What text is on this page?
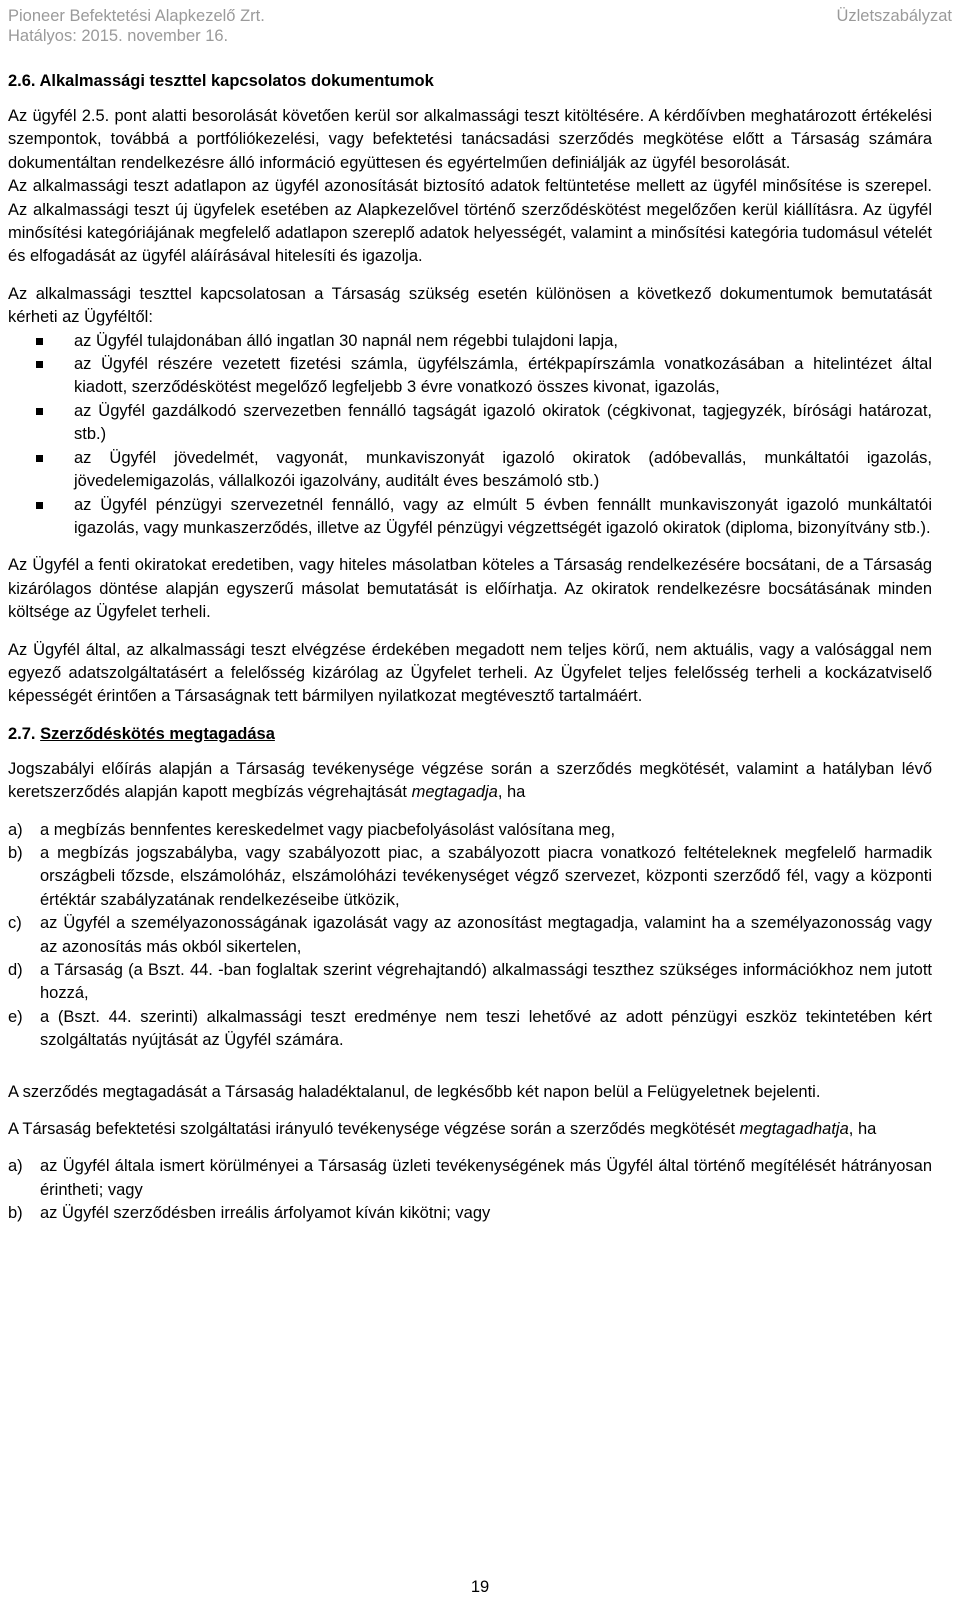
Pioneer Befektetési Alapkezelő Zrt.
Hatályos: 2015. november 16.
Üzletszabályzat
2.6. Alkalmassági teszttel kapcsolatos dokumentumok

Az ügyfél 2.5. pont alatti besorolását követően kerül sor alkalmassági teszt kitöltésére. A kérdőívben meghatározott értékelési szempontok, továbbá a portfóliókezelési, vagy befektetési tanácsadási szerződés megkötése előtt a Társaság számára dokumentáltan rendelkezésre álló információ együttesen és egyértelműen definiálják az ügyfél besorolását.

Az alkalmassági teszt adatlapon az ügyfél azonosítását biztosító adatok feltüntetése mellett az ügyfél minősítése is szerepel. Az alkalmassági teszt új ügyfelek esetében az Alapkezelővel történő szerződéskötést megelőzően kerül kiállításra. Az ügyfél minősítési kategóriájának megfelelő adatlapon szereplő adatok helyességét, valamint a minősítési kategória tudomásul vételét és elfogadását az ügyfél aláírásával hitelesíti és igazolja.

Az alkalmassági teszttel kapcsolatosan a Társaság szükség esetén különösen a következő dokumentumok bemutatását kérheti az Ügyféltől:

az Ügyfél tulajdonában álló ingatlan 30 napnál nem régebbi tulajdoni lapja,
az Ügyfél részére vezetett fizetési számla, ügyfélszámla, értékpapírszámla vonatkozásában a hitelintézet által kiadott, szerződéskötést megelőző legfeljebb 3 évre vonatkozó összes kivonat, igazolás,
az Ügyfél gazdálkodó szervezetben fennálló tagságát igazoló okiratok (cégkivonat, tagjegyzék, bírósági határozat, stb.)
az Ügyfél jövedelmét, vagyonát, munkaviszonyát igazoló okiratok (adóbevallás, munkáltatói igazolás, jövedelemigazolás, vállalkozói igazolvány, auditált éves beszámoló stb.)
az Ügyfél pénzügyi szervezetnél fennálló, vagy az elmúlt 5 évben fennállt munkaviszonyát igazoló munkáltatói igazolás, vagy munkaszerződés, illetve az Ügyfél pénzügyi végzettségét igazoló okiratok (diploma, bizonyítvány stb.).

Az Ügyfél a fenti okiratokat eredetiben, vagy hiteles másolatban köteles a Társaság rendelkezésére bocsátani, de a Társaság kizárólagos döntése alapján egyszerű másolat bemutatását is előírhatja. Az okiratok rendelkezésre bocsátásának minden költsége az Ügyfelet terheli.

Az Ügyfél által, az alkalmassági teszt elvégzése érdekében megadott nem teljes körű, nem aktuális, vagy a valósággal nem egyező adatszolgáltatásért a felelősség kizárólag az Ügyfelet terheli. Az Ügyfelet teljes felelősség terheli a kockázatviselő képességét érintően a Társaságnak tett bármilyen nyilatkozat megtévesztő tartalmáért.

2.7. Szerződéskötés megtagadása

Jogszabályi előírás alapján a Társaság tevékenysége végzése során a szerződés megkötését, valamint a hatályban lévő keretszerződés alapján kapott megbízás végrehajtását megtagadja, ha

a) a megbízás bennfentes kereskedelmet vagy piacbefolyásolást valósítana meg,
b) a megbízás jogszabályba, vagy szabályozott piac, a szabályozott piacra vonatkozó feltételeknek megfelelő harmadik országbeli tőzsde, elszámolóház, elszámolóházi tevékenységet végző szervezet, központi szerződő fél, vagy a központi értéktár szabályzatának rendelkezéseibe ütközik,
c) az Ügyfél a személyazonosságának igazolását vagy az azonosítást megtagadja, valamint ha a személyazonosság vagy az azonosítás más okból sikertelen,
d) a Társaság (a Bszt. 44. -ban foglaltak szerint végrehajtandó) alkalmassági teszthez szükséges információkhoz nem jutott hozzá,
e) a (Bszt. 44. szerinti) alkalmassági teszt eredménye nem teszi lehetővé az adott pénzügyi eszköz tekintetében kért szolgáltatás nyújtását az Ügyfél számára.

A szerződés megtagadását a Társaság haladéktalanul, de legkésőbb két napon belül a Felügyeletnek bejelenti.

A Társaság befektetési szolgáltatási irányuló tevékenysége végzése során a szerződés megkötését megtagadhatja, ha

a) az Ügyfél általa ismert körülményei a Társaság üzleti tevékenységének más Ügyfél által történő megítélését hátrányosan érintheti; vagy
b) az Ügyfél szerződésben irreális árfolyamot kíván kikötni; vagy
19
